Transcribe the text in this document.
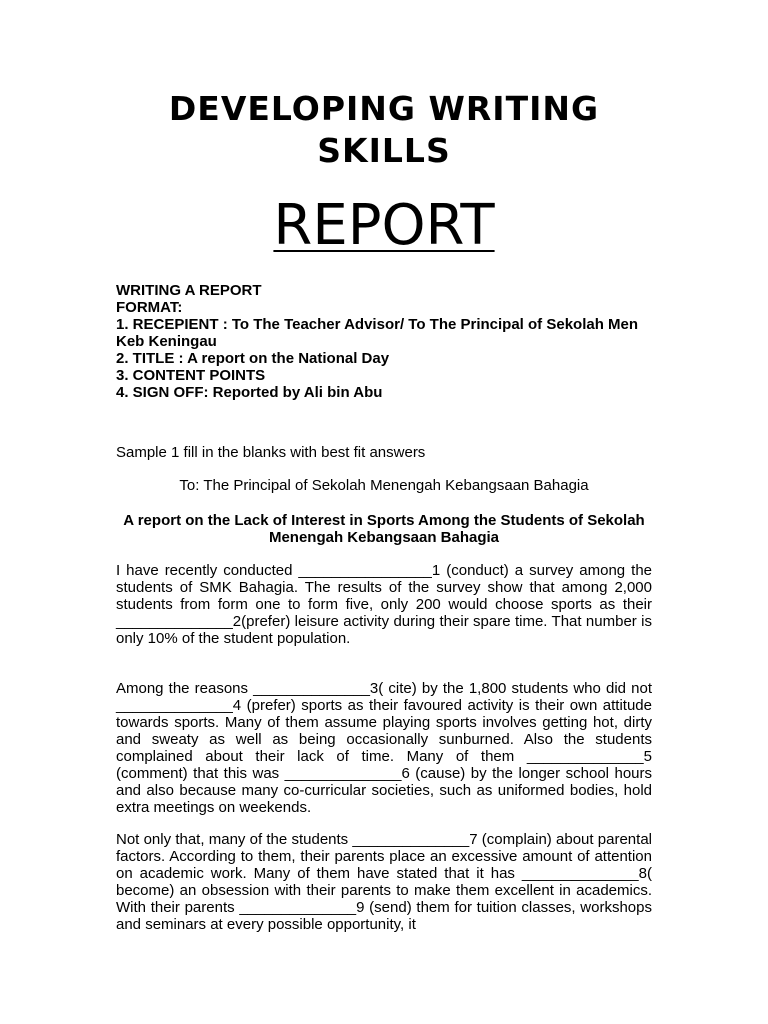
DEVELOPING WRITING
SKILLS
REPORT
WRITING A REPORT
FORMAT:
1. RECEPIENT : To The Teacher Advisor/ To The Principal of Sekolah Men Keb Keningau
2. TITLE : A report on the National Day
3. CONTENT POINTS
4. SIGN OFF: Reported by Ali bin Abu
Sample 1 fill in the blanks with best fit answers
To: The Principal of Sekolah Menengah Kebangsaan Bahagia
A report on the Lack of Interest in Sports Among the Students of Sekolah Menengah Kebangsaan Bahagia

I have recently conducted ________________1 (conduct) a survey among the students of SMK Bahagia. The results of the survey show that among 2,000 students from form one to form five, only 200 would choose sports as their ______________2(prefer) leisure activity during their spare time. That number is only 10% of the student population.

Among the reasons ______________3( cite) by the 1,800 students who did not ______________4 (prefer) sports as their favoured activity is their own attitude towards sports. Many of them assume playing sports involves getting hot, dirty and sweaty as well as being occasionally sunburned. Also the students complained about their lack of time. Many of them ______________5 (comment) that this was ______________6 (cause) by the longer school hours and also because many co-curricular societies, such as uniformed bodies, hold extra meetings on weekends.

Not only that, many of the students ______________7 (complain) about parental factors. According to them, their parents place an excessive amount of attention on academic work. Many of them have stated that it has ______________8( become) an obsession with their parents to make them excellent in academics. With their parents ______________9 (send) them for tuition classes, workshops and seminars at every possible opportunity, it
